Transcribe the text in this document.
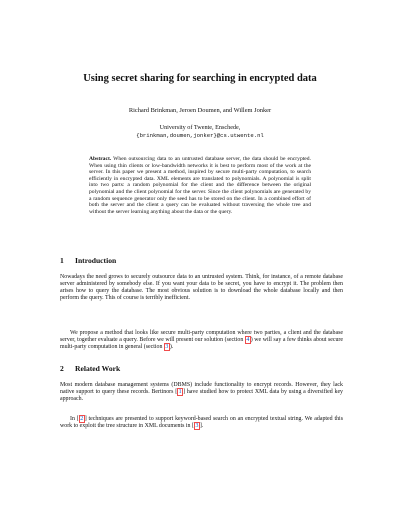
Using secret sharing for searching in encrypted data
Richard Brinkman, Jeroen Doumen, and Willem Jonker
University of Twente, Enschede,
{brinkman,doumen,jonker}@cs.utwente.nl
Abstract. When outsourcing data to an untrusted database server, the data should be encrypted. When using thin clients or low-bandwidth networks it is best to perform most of the work at the server. In this paper we present a method, inspired by secure multi-party computation, to search efficiently in encrypted data. XML elements are translated to polynomials. A polynomial is split into two parts: a random polynomial for the client and the difference between the original polynomial and the client polynomial for the server. Since the client polynomials are generated by a random sequence generator only the seed has to be stored on the client. In a combined effort of both the server and the client a query can be evaluated without traversing the whole tree and without the server learning anything about the data or the query.
1 Introduction
Nowadays the need grows to securely outsource data to an untrusted system. Think, for instance, of a remote database server administered by somebody else. If you want your data to be secret, you have to encrypt it. The problem then arises how to query the database. The most obvious solution is to download the whole database locally and then perform the query. This of course is terribly inefficient.
We propose a method that looks like secure multi-party computation where two parties, a client and the database server, together evaluate a query. Before we will present our solution (section 4 ) we will say a few thinks about secure multi-party computation in general (section 3 ).
2 Related Work
Most modern database management systems (DBMS) include functionality to encrypt records. However, they lack native support to query these records. Bertinors [ 1 ] have studied how to protect XML data by using a diversified key approach.
In [ 2 ] techniques are presented to support keyword-based search on an encrypted textual string. We adapted this work to exploit the tree structure in XML documents in [ 3 ].
